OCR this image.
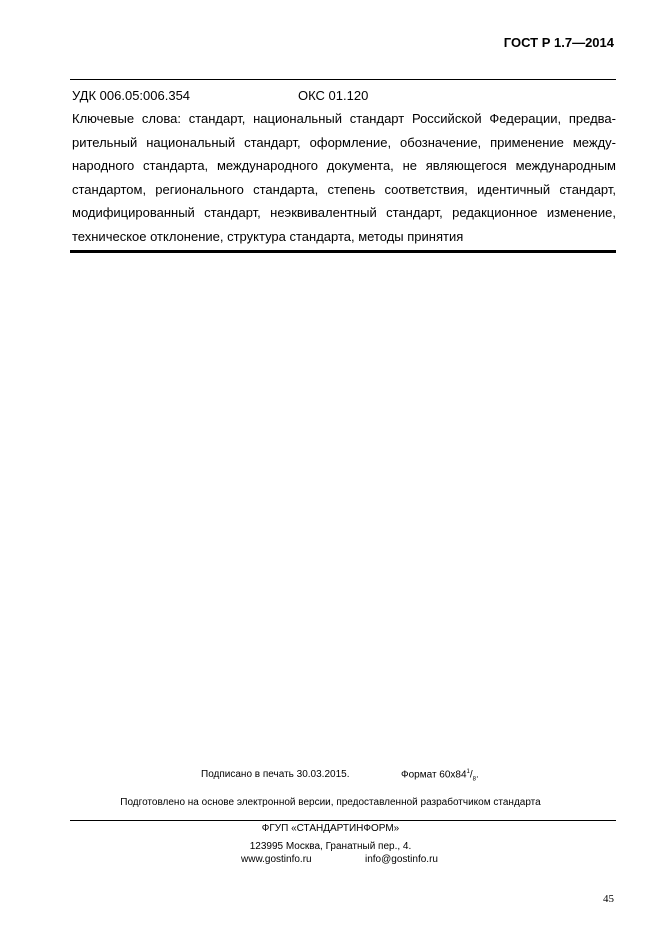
ГОСТ Р 1.7—2014
УДК 006.05:006.354	ОКС 01.120
Ключевые слова: стандарт, национальный стандарт Российской Федерации, предва-
рительный национальный стандарт, оформление, обозначение, применение между-
народного стандарта, международного документа, не являющегося международным
стандартом, регионального стандарта, степень соответствия, идентичный стандарт,
модифицированный стандарт, неэквивалентный стандарт, редакционное изменение,
техническое отклонение, структура стандарта, методы принятия
Подписано в печать 30.03.2015.	Формат $60x84^1/_8$.
Подготовлено на основе электронной версии, предоставленной разработчиком стандарта
ФГУП «СТАНДАРТИНФОРМ»
123995 Москва, Гранатный пер., 4.
www.gostinfo.ru	info@gostinfo.ru
45
